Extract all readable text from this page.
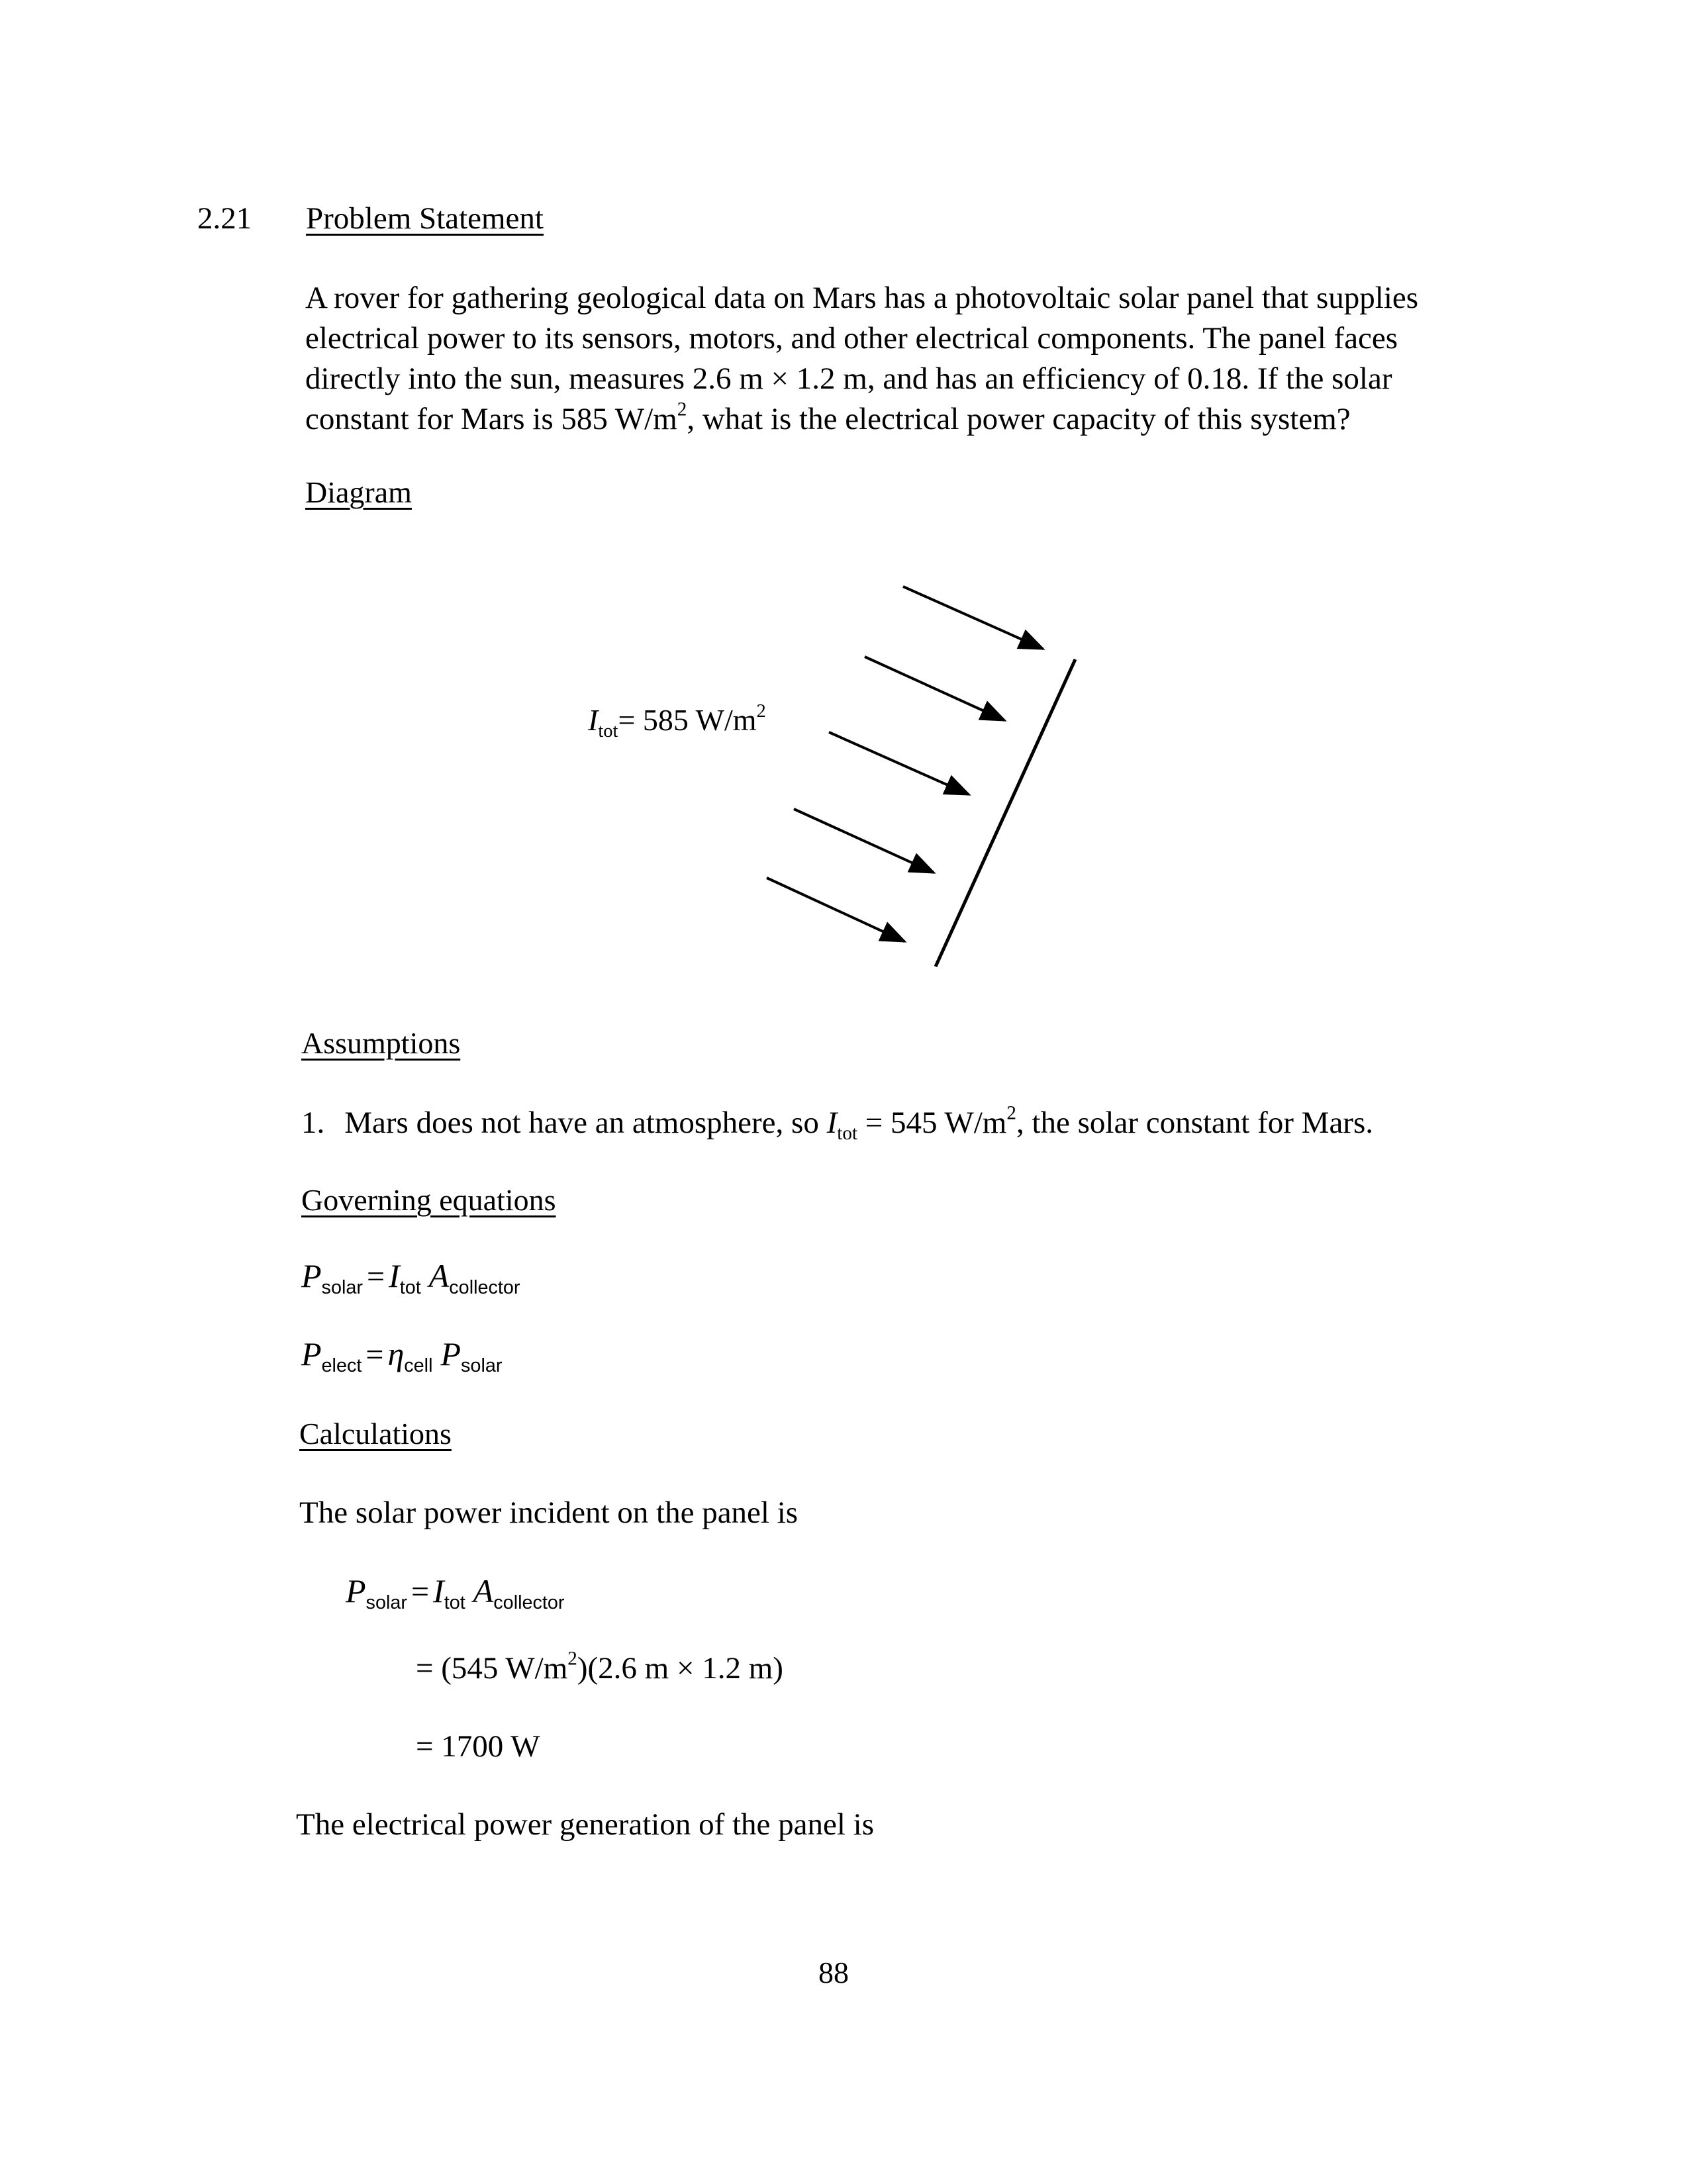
2.21 Problem Statement
A rover for gathering geological data on Mars has a photovoltaic solar panel that supplies
electrical power to its sensors, motors, and other electrical components. The panel faces
directly into the sun, measures 2.6 m × 1.2 m, and has an efficiency of 0.18. If the solar
constant for Mars is 585 $W/m^2$, what is the electrical power capacity of this system?
Diagram
$I_{tot}= 585$ $W/m^2$
Assumptions
1. Mars does not have an atmosphere, so $I_{tot} = 545$ $W/m^2$, the solar constant for Mars.
Governing equations
$P_{solar} = I_{tot}$ $A_{collector}$
$P_{elect} = \eta_{cell}$ $P_{solar}$
Calculations
The solar power incident on the panel is
$P_{solar} = I_{tot}$ $A_{collector}$
= (545 $W/m^2)(2.6$ m × 1.2 m)
= 1700 W
The electrical power generation of the panel is
88
